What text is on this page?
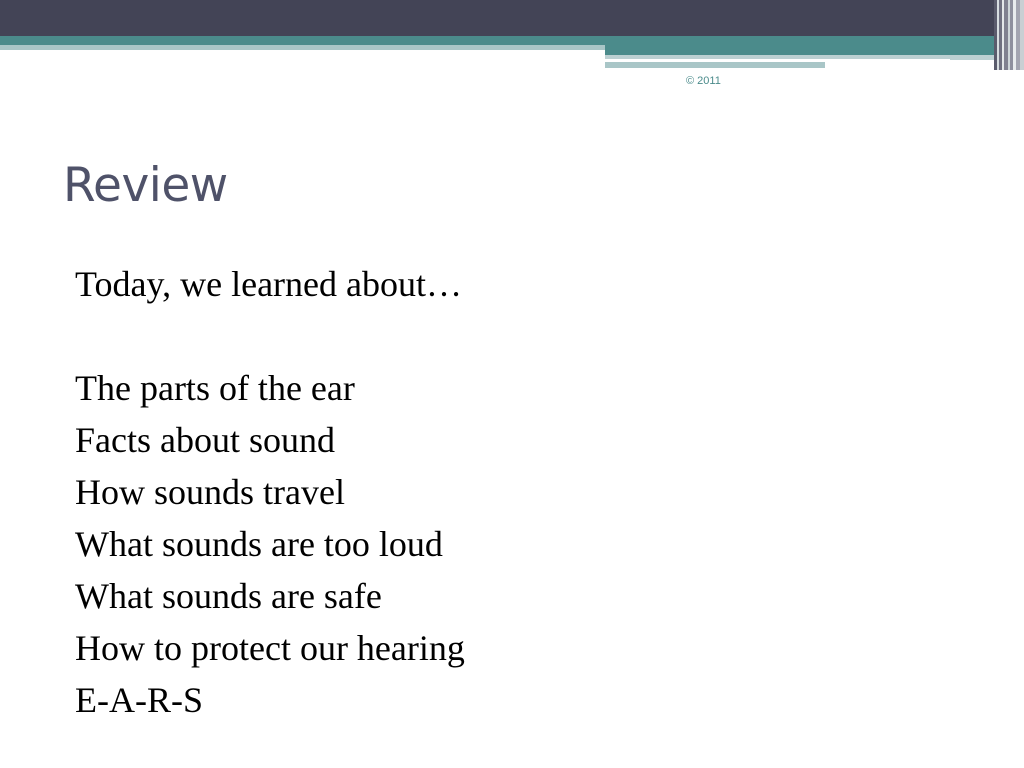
© 2011
Review
Today, we learned about…
The parts of the ear
Facts about sound
How sounds travel
What sounds are too loud
What sounds are safe
How to protect our hearing
E-A-R-S
